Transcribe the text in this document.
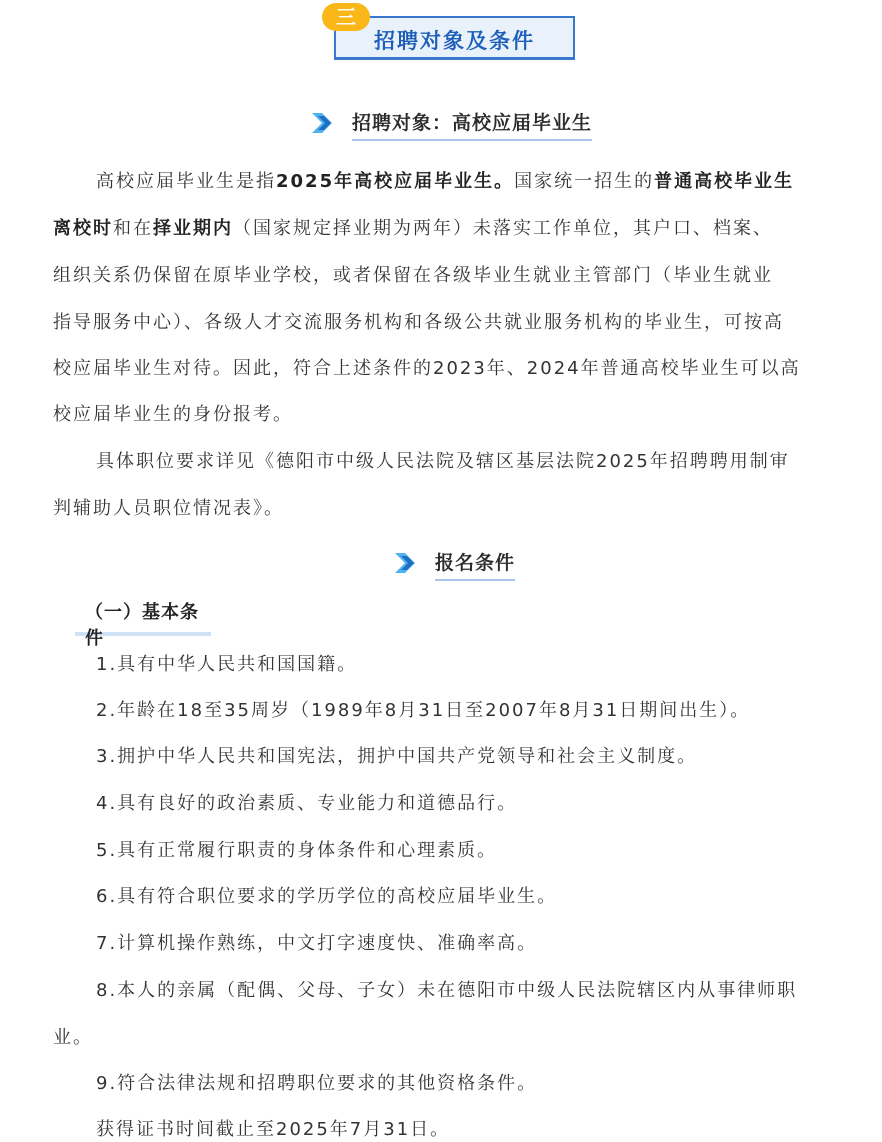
招聘对象及条件
三
招聘对象：高校应届毕业生
高校应届毕业生是指2025年高校应届毕业生。国家统一招生的普通高校毕业生
离校时和在择业期内（国家规定择业期为两年）未落实工作单位，其户口、档案、
组织关系仍保留在原毕业学校，或者保留在各级毕业生就业主管部门（毕业生就业
指导服务中心）、各级人才交流服务机构和各级公共就业服务机构的毕业生，可按高
校应届毕业生对待。因此，符合上述条件的2023年、2024年普通高校毕业生可以高
校应届毕业生的身份报考。
具体职位要求详见《德阳市中级人民法院及辖区基层法院2025年招聘聘用制审
判辅助人员职位情况表》。
报名条件
（一）基本条件
1.具有中华人民共和国国籍。
2.年龄在18至35周岁（1989年8月31日至2007年8月31日期间出生）。
3.拥护中华人民共和国宪法，拥护中国共产党领导和社会主义制度。
4.具有良好的政治素质、专业能力和道德品行。
5.具有正常履行职责的身体条件和心理素质。
6.具有符合职位要求的学历学位的高校应届毕业生。
7.计算机操作熟练，中文打字速度快、准确率高。
8.本人的亲属（配偶、父母、子女）未在德阳市中级人民法院辖区内从事律师职
业。
9.符合法律法规和招聘职位要求的其他资格条件。
获得证书时间截止至2025年7月31日。
